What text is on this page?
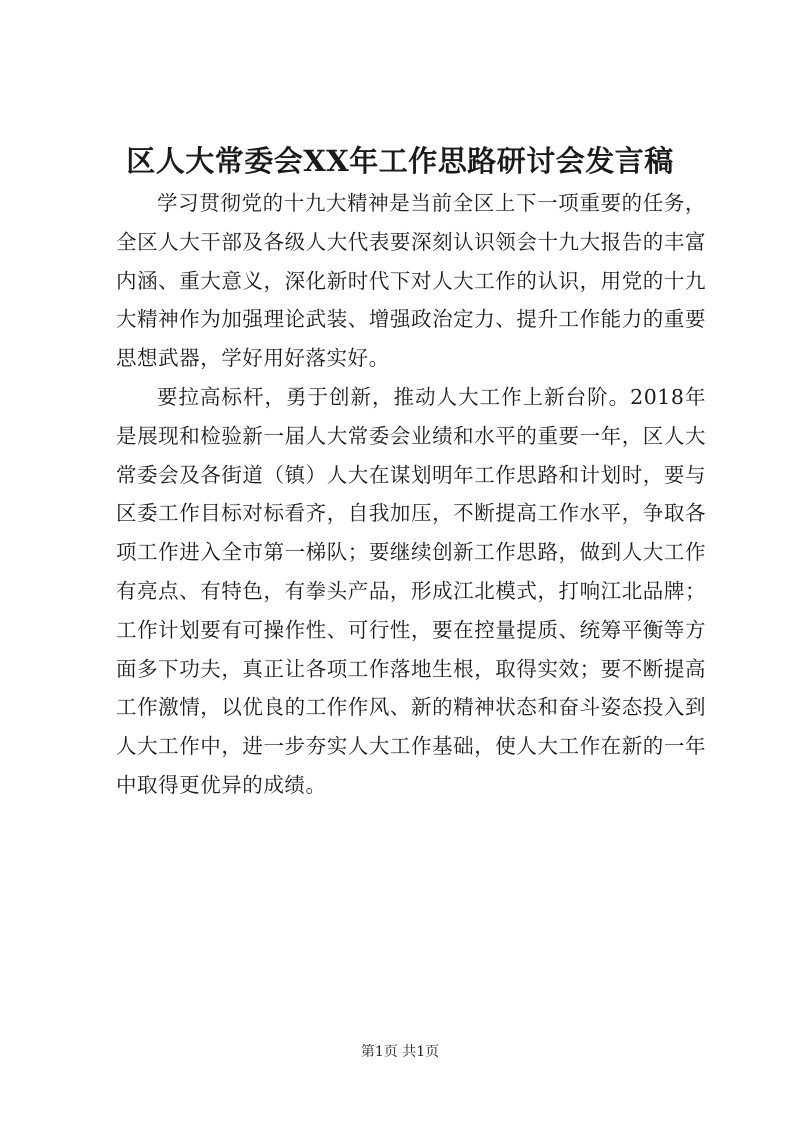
区人大常委会XX年工作思路研讨会发言稿

学习贯彻党的十九大精神是当前全区上下一项重要的任务，全区人大干部及各级人大代表要深刻认识领会十九大报告的丰富内涵、重大意义，深化新时代下对人大工作的认识，用党的十九大精神作为加强理论武装、增强政治定力、提升工作能力的重要思想武器，学好用好落实好。

要拉高标杆，勇于创新，推动人大工作上新台阶。2018年是展现和检验新一届人大常委会业绩和水平的重要一年，区人大常委会及各街道（镇）人大在谋划明年工作思路和计划时，要与区委工作目标对标看齐，自我加压，不断提高工作水平，争取各项工作进入全市第一梯队；要继续创新工作思路，做到人大工作有亮点、有特色，有拳头产品，形成江北模式，打响江北品牌；工作计划要有可操作性、可行性，要在控量提质、统筹平衡等方面多下功夫，真正让各项工作落地生根，取得实效；要不断提高工作激情，以优良的工作作风、新的精神状态和奋斗姿态投入到人大工作中，进一步夯实人大工作基础，使人大工作在新的一年中取得更优异的成绩。

第1页 共1页
